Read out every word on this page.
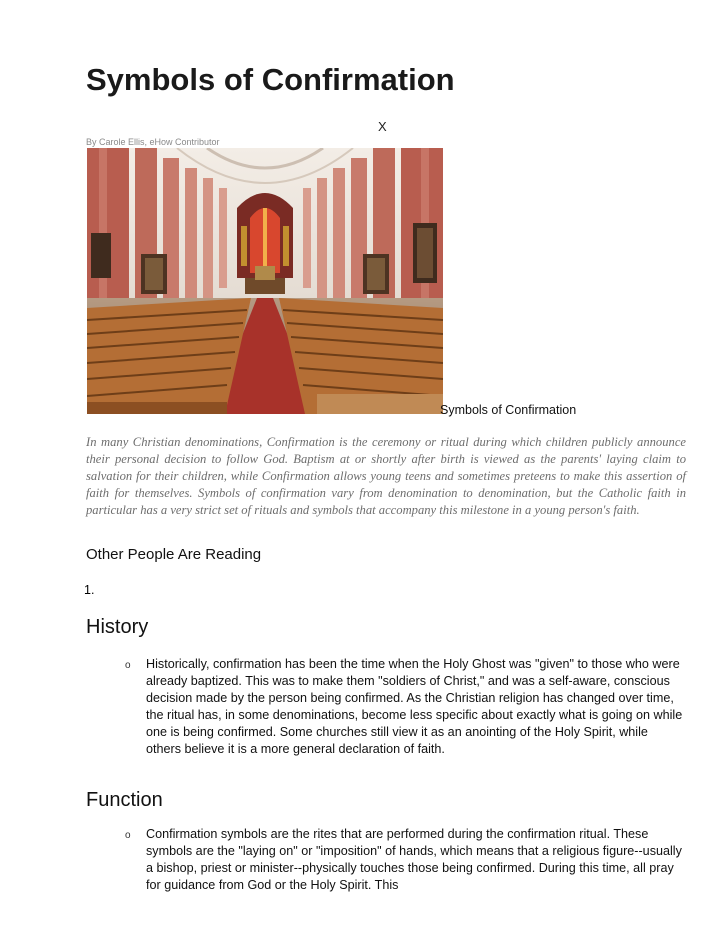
Symbols of Confirmation
X
By Carole Ellis, eHow Contributor
Symbols of Confirmation

In many Christian denominations, Confirmation is the ceremony or ritual during which children publicly announce their personal decision to follow God. Baptism at or shortly after birth is viewed as the parents' laying claim to salvation for their children, while Confirmation allows young teens and sometimes preteens to make this assertion of faith for themselves. Symbols of confirmation vary from denomination to denomination, but the Catholic faith in particular has a very strict set of rituals and symbols that accompany this milestone in a young person's faith.

Other People Are Reading
1.
History
o Historically, confirmation has been the time when the Holy Ghost was "given" to those who were already baptized. This was to make them "soldiers of Christ," and was a self-aware, conscious decision made by the person being confirmed. As the Christian religion has changed over time, the ritual has, in some denominations, become less specific about exactly what is going on while one is being confirmed. Some churches still view it as an anointing of the Holy Spirit, while others believe it is a more general declaration of faith.

Function
o Confirmation symbols are the rites that are performed during the confirmation ritual. These symbols are the "laying on" or "imposition" of hands, which means that a religious figure--usually a bishop, priest or minister--physically touches those being confirmed. During this time, all pray for guidance from God or the Holy Spirit. This
